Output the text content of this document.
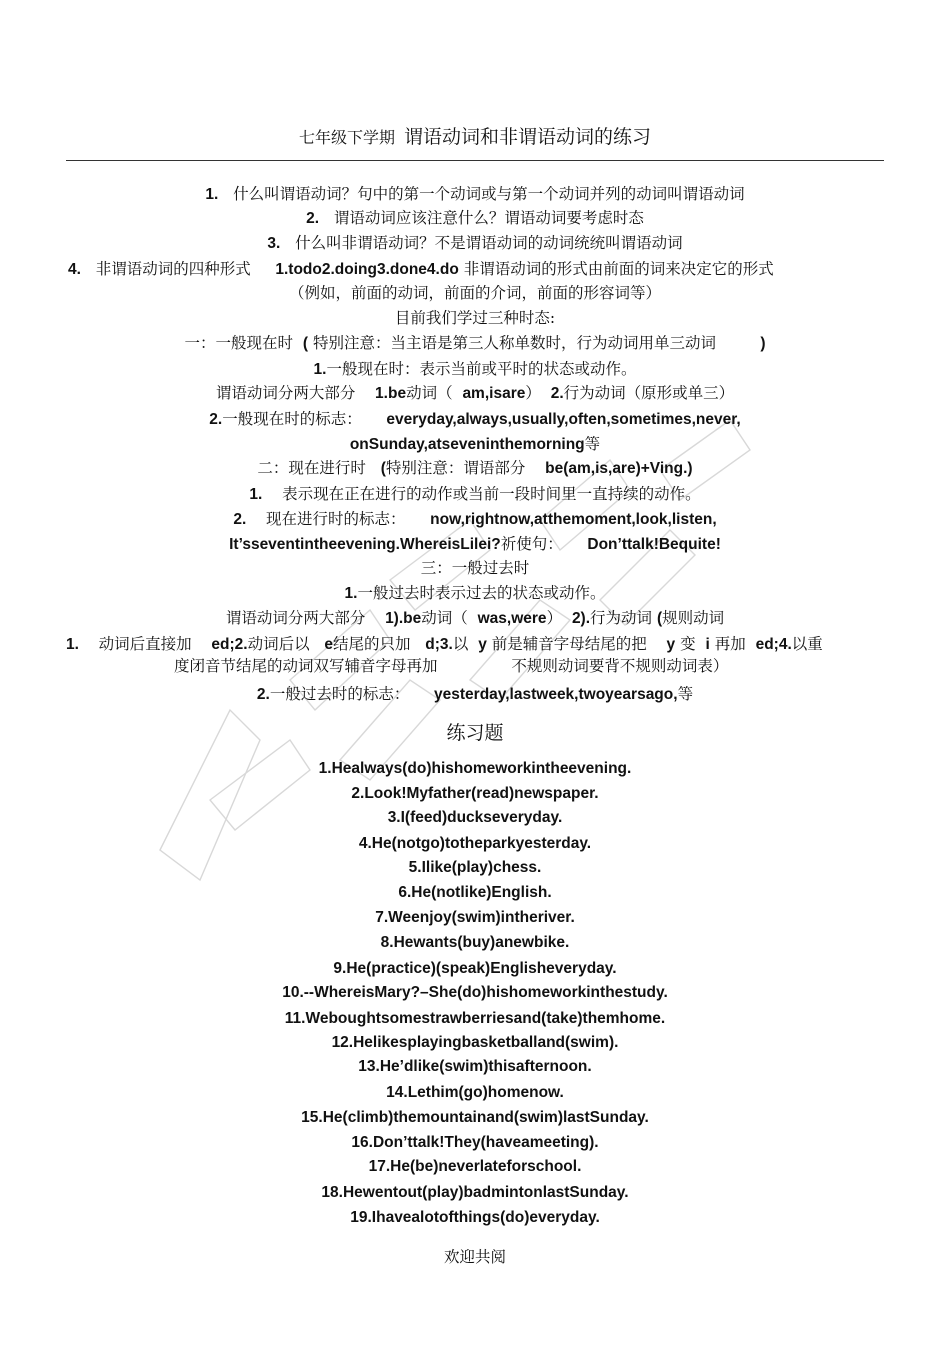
七年级下学期 谓语动词和非谓语动词的练习
1. 什么叫谓语动词？句中的第一个动词或与第一个动词并列的动词叫谓语动词
2. 谓语动词应该注意什么？谓语动词要考虑时态
3. 什么叫非谓语动词？不是谓语动词的动词统统叫谓语动词
4. 非谓语动词的四种形式 1.todo2.doing3.done4.do 非谓语动词的形式由前面的词来决定它的形式
（例如，前面的动词，前面的介词，前面的形容词等）
目前我们学过三种时态:
一：一般现在时 ( 特别注意：当主语是第三人称单数时，行为动词用单三动词	)
1.一般现在时：表示当前或平时的状态或动作。
谓语动词分两大部分 1.be动词（ am,isare） 2.行为动词（原形或单三）
2.一般现在时的标志： everyday,always,usually,often,sometimes,never,
onSunday,atseveninthemorning等
二：现在进行时 (特别注意：谓语部分 be(am,is,are)+Ving.)
1. 表示现在正在进行的动作或当前一段时间里一直持续的动作。
2. 现在进行时的标志： now,rightnow,atthemoment,look,listen,
It’sseventintheevening.WhereisLilei?祈使句： Don’ttalk!Bequite!
三：一般过去时
1.一般过去时表示过去的状态或动作。
谓语动词分两大部分 1).be动词（ was,were） 2).行为动词 (规则动词
1. 动词后直接加 ed;2.动词后以 e结尾的只加 d;3.以 y 前是辅音字母结尾的把 y 变 i 再加 ed;4.以重
度闭音节结尾的动词双写辅音字母再加	不规则动词要背不规则动词表）
2.一般过去时的标志： yesterday,lastweek,twoyearsago,等
练习题
1.Healways(do)hishomeworkintheevening.
2.Look!Myfather(read)newspaper.
3.I(feed)duckseveryday.
4.He(notgo)totheparkyesterday.
5.Ilike(play)chess.
6.He(notlike)English.
7.Weenjoy(swim)intheriver.
8.Hewants(buy)anewbike.
9.He(practice)(speak)Englisheveryday.
10.--WhereisMary?–She(do)hishomeworkinthestudy.
11.Weboughtsomestrawberriesand(take)themhome.
12.Helikesplayingbasketballand(swim).
13.He’dlike(swim)thisafternoon.
14.Lethim(go)homenow.
15.He(climb)themountainand(swim)lastSunday.
16.Don’ttalk!They(haveameeting).
17.He(be)neverlateforschool.
18.Hewentout(play)badmintonlastSunday.
19.Ihavealotofthings(do)everyday.
欢迎共阅
